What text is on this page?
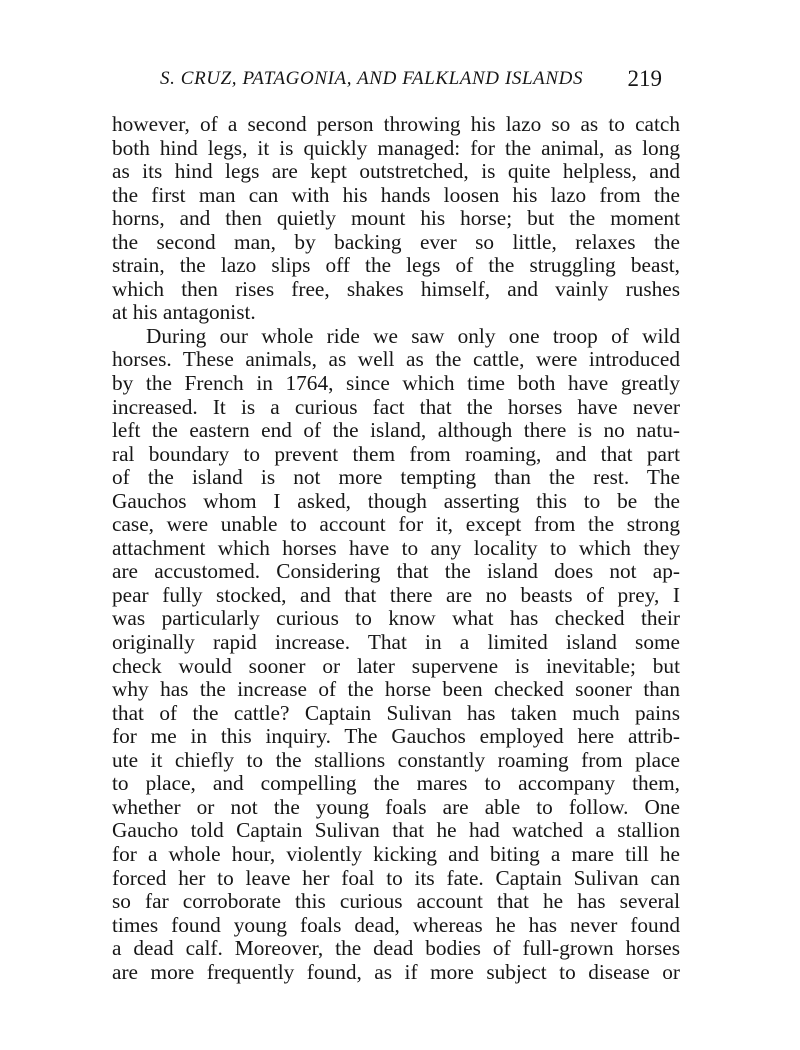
S. CRUZ, PATAGONIA, AND FALKLAND ISLANDS 219
however, of a second person throwing his lazo so as to catch
both hind legs, it is quickly managed: for the animal, as long
as its hind legs are kept outstretched, is quite helpless, and
the first man can with his hands loosen his lazo from the
horns, and then quietly mount his horse; but the moment
the second man, by backing ever so little, relaxes the
strain, the lazo slips off the legs of the struggling beast,
which then rises free, shakes himself, and vainly rushes
at his antagonist.
During our whole ride we saw only one troop of wild
horses. These animals, as well as the cattle, were introduced
by the French in 1764, since which time both have greatly
increased. It is a curious fact that the horses have never
left the eastern end of the island, although there is no natu-
ral boundary to prevent them from roaming, and that part
of the island is not more tempting than the rest. The
Gauchos whom I asked, though asserting this to be the
case, were unable to account for it, except from the strong
attachment which horses have to any locality to which they
are accustomed. Considering that the island does not ap-
pear fully stocked, and that there are no beasts of prey, I
was particularly curious to know what has checked their
originally rapid increase. That in a limited island some
check would sooner or later supervene is inevitable; but
why has the increase of the horse been checked sooner than
that of the cattle? Captain Sulivan has taken much pains
for me in this inquiry. The Gauchos employed here attrib-
ute it chiefly to the stallions constantly roaming from place
to place, and compelling the mares to accompany them,
whether or not the young foals are able to follow. One
Gaucho told Captain Sulivan that he had watched a stallion
for a whole hour, violently kicking and biting a mare till he
forced her to leave her foal to its fate. Captain Sulivan can
so far corroborate this curious account that he has several
times found young foals dead, whereas he has never found
a dead calf. Moreover, the dead bodies of full-grown horses
are more frequently found, as if more subject to disease or
